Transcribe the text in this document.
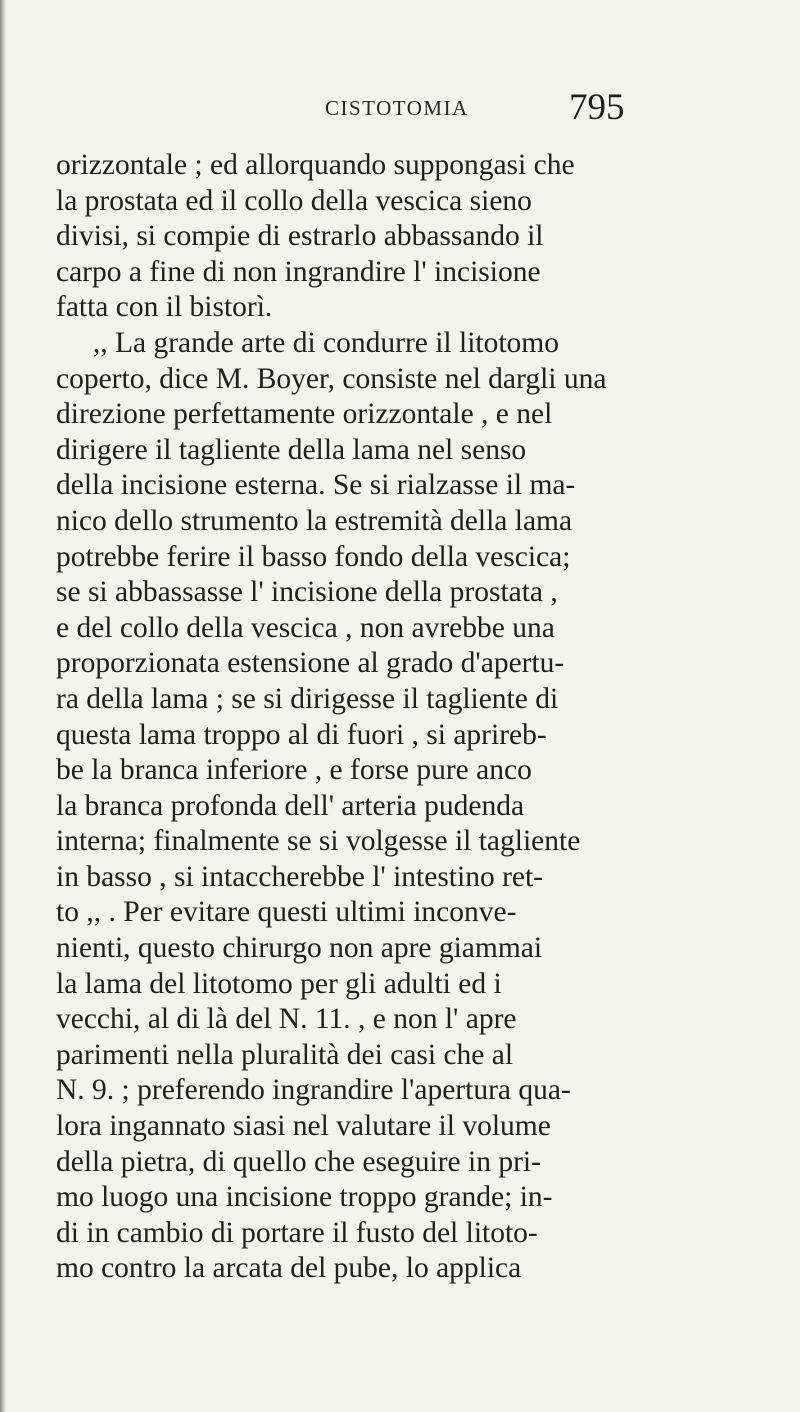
CISTOTOMIA	795
orizzontale ; ed allorquando suppongasi che
la prostata ed il collo della vescica sieno
divisi, si compie di estrarlo abbassando il
carpo a fine di non ingrandire l' incisione
fatta con il bistorì.
,, La grande arte di condurre il litotomo
coperto, dice M. Boyer, consiste nel dargli una
direzione perfettamente orizzontale , e nel
dirigere il tagliente della lama nel senso
della incisione esterna. Se si rialzasse il ma-
nico dello strumento la estremità della lama
potrebbe ferire il basso fondo della vescica;
se si abbassasse l' incisione della prostata ,
e del collo della vescica , non avrebbe una
proporzionata estensione al grado d'apertu-
ra della lama ; se si dirigesse il tagliente di
questa lama troppo al di fuori , si aprireb-
be la branca inferiore , e forse pure anco
la branca profonda dell' arteria pudenda
interna; finalmente se si volgesse il tagliente
in basso , si intaccherebbe l' intestino ret-
to ,, . Per evitare questi ultimi inconve-
nienti, questo chirurgo non apre giammai
la lama del litotomo per gli adulti ed i
vecchi, al di là del N. 11. , e non l' apre
parimenti nella pluralità dei casi che al
N. 9. ; preferendo ingrandire l'apertura qua-
lora ingannato siasi nel valutare il volume
della pietra, di quello che eseguire in pri-
mo luogo una incisione troppo grande; in-
di in cambio di portare il fusto del litoto-
mo contro la arcata del pube, lo applica
